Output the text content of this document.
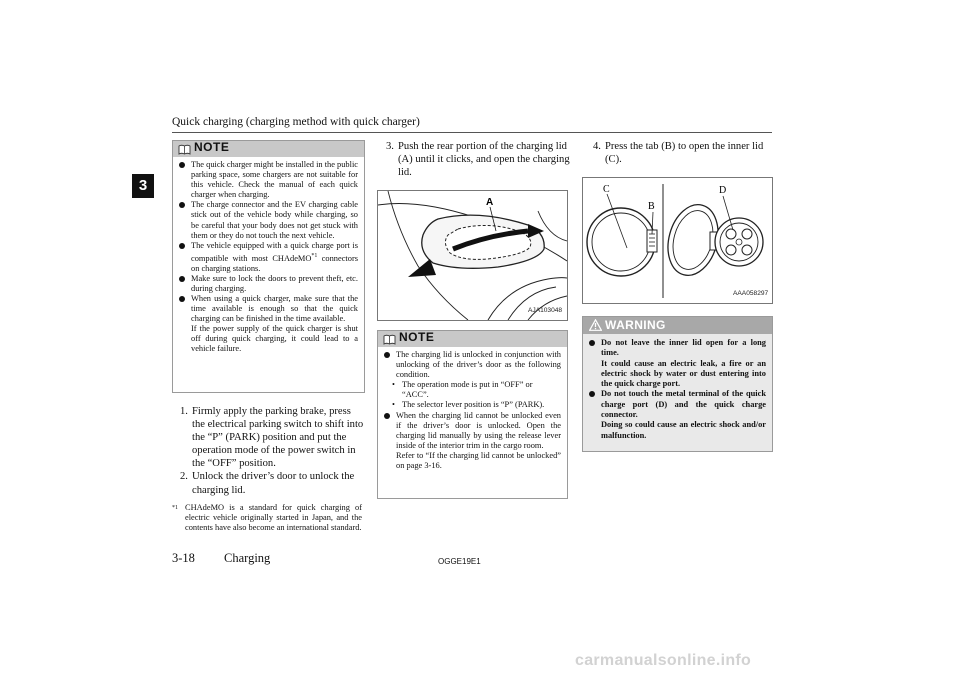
Quick charging (charging method with quick charger)
3
NOTE
The quick charger might be installed in the public parking space, some chargers are not suitable for this vehicle. Check the manual of each quick charger when charging.
The charge connector and the EV charging cable stick out of the vehicle body while charging, so be careful that your body does not get stuck with them or they do not touch the next vehicle.
The vehicle equipped with a quick charge port is compatible with most CHAdeMO$^{*1}$ connectors on charging stations.
Make sure to lock the doors to prevent theft, etc. during charging.
When using a quick charger, make sure that the time available is enough so that the quick charging can be finished in the time available.
If the power supply of the quick charger is shut off during quick charging, it could lead to a vehicle failure.
1. Firmly apply the parking brake, press the electrical parking switch to shift into the “P” (PARK) position and put the operation mode of the power switch in the “OFF” position.
2. Unlock the driver’s door to unlock the charging lid.
*1 CHAdeMO is a standard for quick charging of electric vehicle originally started in Japan, and the contents have also become an international standard.
3. Push the rear portion of the charging lid (A) until it clicks, and open the charging lid.
A
AJA103048
NOTE
The charging lid is unlocked in conjunction with unlocking of the driver’s door as the following condition.
• The operation mode is put in “OFF” or “ACC”.
• The selector lever position is “P” (PARK).
When the charging lid cannot be unlocked even if the driver’s door is unlocked. Open the charging lid manually by using the release lever inside of the interior trim in the cargo room.
Refer to “If the charging lid cannot be unlocked” on page 3-16.
4. Press the tab (B) to open the inner lid (C).
C
B
D
AAA058297
WARNING
Do not leave the inner lid open for a long time.
It could cause an electric leak, a fire or an electric shock by water or dust entering into the quick charge port.
Do not touch the metal terminal of the quick charge port (D) and the quick charge connector.
Doing so could cause an electric shock and/or malfunction.
3-18 Charging	OGGE19E1
carmanualsonline.info
